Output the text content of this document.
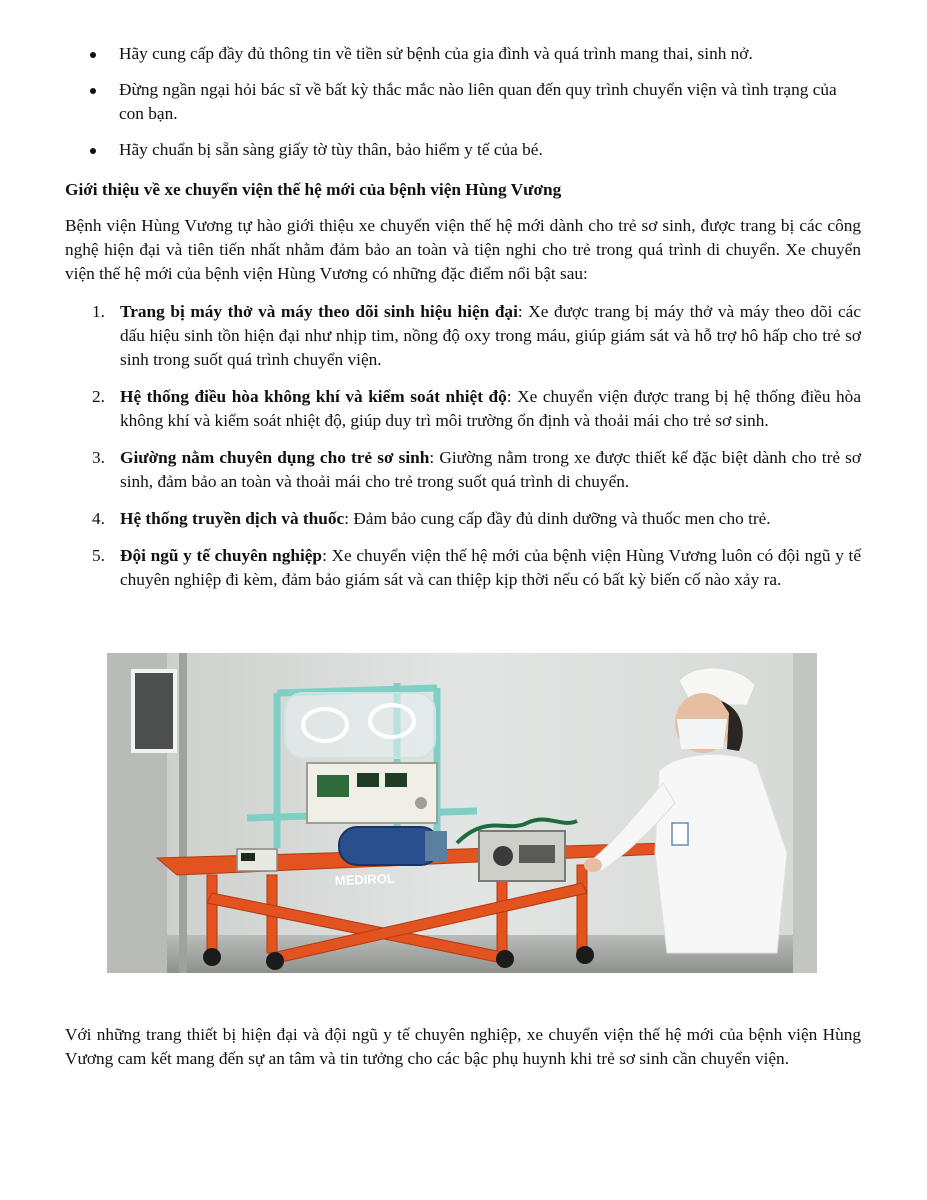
Hãy cung cấp đầy đủ thông tin về tiền sử bệnh của gia đình và quá trình mang thai, sinh nở.
Đừng ngần ngại hỏi bác sĩ về bất kỳ thắc mắc nào liên quan đến quy trình chuyển viện và tình trạng của con bạn.
Hãy chuẩn bị sẵn sàng giấy tờ tùy thân, bảo hiểm y tế của bé.
Giới thiệu về xe chuyển viện thế hệ mới của bệnh viện Hùng Vương

Bệnh viện Hùng Vương tự hào giới thiệu xe chuyển viện thế hệ mới dành cho trẻ sơ sinh, được trang bị các công nghệ hiện đại và tiên tiến nhất nhằm đảm bảo an toàn và tiện nghi cho trẻ trong quá trình di chuyển. Xe chuyển viện thế hệ mới của bệnh viện Hùng Vương có những đặc điểm nổi bật sau:

1. Trang bị máy thở và máy theo dõi sinh hiệu hiện đại: Xe được trang bị máy thở và máy theo dõi các dấu hiệu sinh tồn hiện đại như nhịp tim, nồng độ oxy trong máu, giúp giám sát và hỗ trợ hô hấp cho trẻ sơ sinh trong suốt quá trình chuyển viện.
2. Hệ thống điều hòa không khí và kiểm soát nhiệt độ: Xe chuyển viện được trang bị hệ thống điều hòa không khí và kiểm soát nhiệt độ, giúp duy trì môi trường ổn định và thoải mái cho trẻ sơ sinh.
3. Giường nằm chuyên dụng cho trẻ sơ sinh: Giường nằm trong xe được thiết kế đặc biệt dành cho trẻ sơ sinh, đảm bảo an toàn và thoải mái cho trẻ trong suốt quá trình di chuyển.
4. Hệ thống truyền dịch và thuốc: Đảm bảo cung cấp đầy đủ dinh dưỡng và thuốc men cho trẻ.
5. Đội ngũ y tế chuyên nghiệp: Xe chuyển viện thế hệ mới của bệnh viện Hùng Vương luôn có đội ngũ y tế chuyên nghiệp đi kèm, đảm bảo giám sát và can thiệp kịp thời nếu có bất kỳ biến cố nào xảy ra.
MEDIROL

Với những trang thiết bị hiện đại và đội ngũ y tế chuyên nghiệp, xe chuyển viện thế hệ mới của bệnh viện Hùng Vương cam kết mang đến sự an tâm và tin tưởng cho các bậc phụ huynh khi trẻ sơ sinh cần chuyển viện.
